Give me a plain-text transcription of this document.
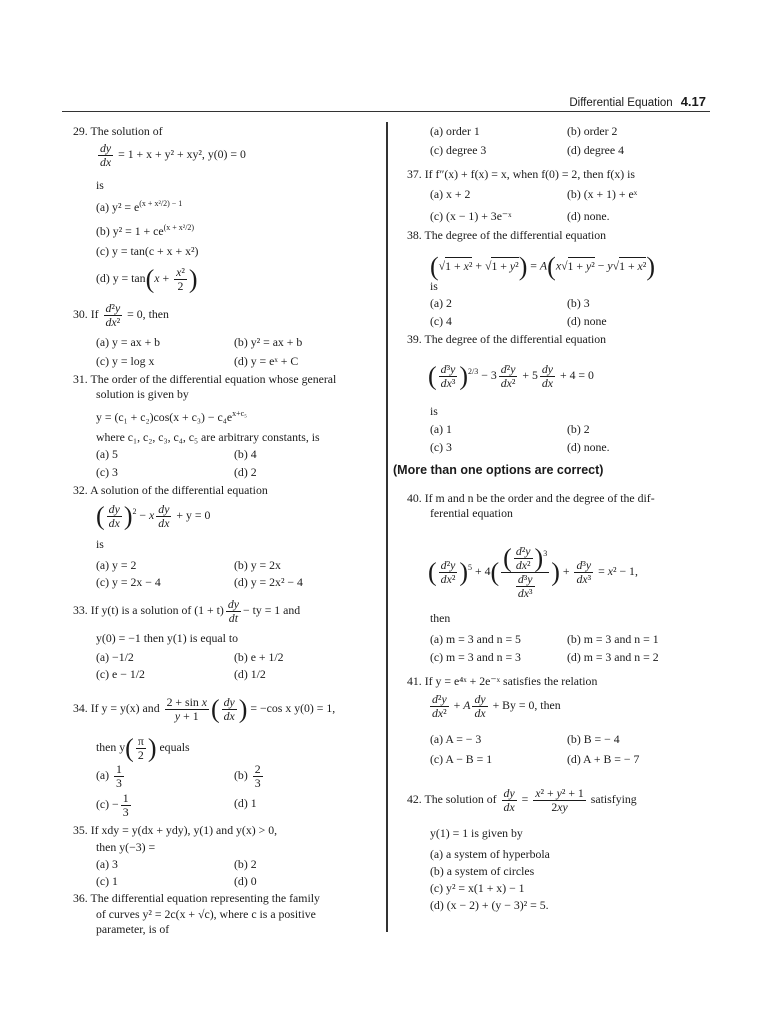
Differential Equation 4.17
29. The solution of
$\frac{dy}{dx} = 1 + x + y^2 + xy^2$, y(0) = 0
is
(a) $y^2 = e^{(x + x^2/2) - 1}$
(b) $y^2 = 1 + ce^{(x + x^2/2)}$
(c) y = tan(c + x + x²)
(d) $y = \tan(x + \frac{\text{x²}}{2}$ )
30. If $\frac{\text{d²y}}{\text{dx²}} = 0$, then
(a) y = ax + b	(b) y² = ax + b
(c) y = log x	(d) y = eˣ + C
31. The order of the differential equation whose general
solution is given by
$y = (c_1 + c_2)\cos(x + c_3) - c_4e^{x+c_5}$
where c₁, c₂, c₃, c₄, c₅ are arbitrary constants, is
(a) 5	(b) 4
(c) 3	(d) 2
32. A solution of the differential equation
( $\frac{dy}{dx} )^2 - x \frac{dy}{dx} + y = 0$
is
(a) y = 2	(b) y = 2x
(c) y = 2x − 4	(d) y = 2x² − 4
33. If y(t) is a solution of $(1 + t) \frac{dy}{dt}$ − ty = 1 and
y(0) = −1 then y(1) is equal to
(a) −1/2	(b) e + 1/2
(c) e − 1/2	(d) 1/2
34. If y = y(x) and $\frac{\text{2 + sin x}}{y + 1}$ ( $\frac{dy}{dx}$ ) = −cos x y(0) = 1,
then $y( \frac{\pi}{2}$ ) equals
$(a) \frac{1}{3}$	$(b) \frac{2}{3}$
$(c) - \frac{1}{3}$	(d) 1
35. If xdy = y(dx + ydy), y(1) and y(x) > 0,
then y(−3) =
(a) 3	(b) 2
(c) 1	(d) 0
36. The differential equation representing the family
of curves y² = 2c(x + √c), where c is a positive
parameter, is of
(a) order 1	(b) order 2
(c) degree 3	(d) degree 4
37. If f″(x) + f(x) = x, when f(0) = 2, then f(x) is
(a) x + 2	(b) (x + 1) + eˣ
(c) (x − 1) + 3e⁻ˣ	(d) none.
38. The degree of the differential equation
(√1 + x² + √1 + y²) = A(x√1 + y² − y√1 + x²)
is
(a) 2	(b) 3
(c) 4	(d) none
39. The degree of the differential equation
( $\frac{\text{d³y}}{\text{dx³}} )^{2/3} - 3 \frac{\text{d²y}}{\text{dx²}} + 5 \frac{dy}{dx} + 4 = 0$
is
(a) 1	(b) 2
(c) 3	(d) none.
(More than one options are correct)
40. If m and n be the order and the degree of the dif-
ferential equation
( $\frac{\text{d²y}}{\text{dx²}} )^5 + 4( \frac{( \frac{\text{d²y}}{\text{dx²}} )^3}{\frac{\text{d³y}}{\text{dx³}}}$ ) + $\frac{\text{d³y}}{\text{dx³}} = x^2 - 1$,
then
(a) m = 3 and n = 5	(b) m = 3 and n = 1
(c) m = 3 and n = 3	(d) m = 3 and n = 2
41. If y = e⁴ˣ + 2e⁻ˣ satisfies the relation
$\frac{\text{d²y}}{\text{dx²}} + A \frac{dy}{dx} + By = 0$, then
(a) A = − 3	(b) B = − 4
(c) A − B = 1	(d) A + B = − 7
42. The solution of $\frac{dy}{dx} = \frac{\text{x² + y² + 1}}{2xy}$ satisfying
y(1) = 1 is given by
(a) a system of hyperbola
(b) a system of circles
(c) y² = x(1 + x) − 1
(d) (x − 2) + (y − 3)² = 5.
